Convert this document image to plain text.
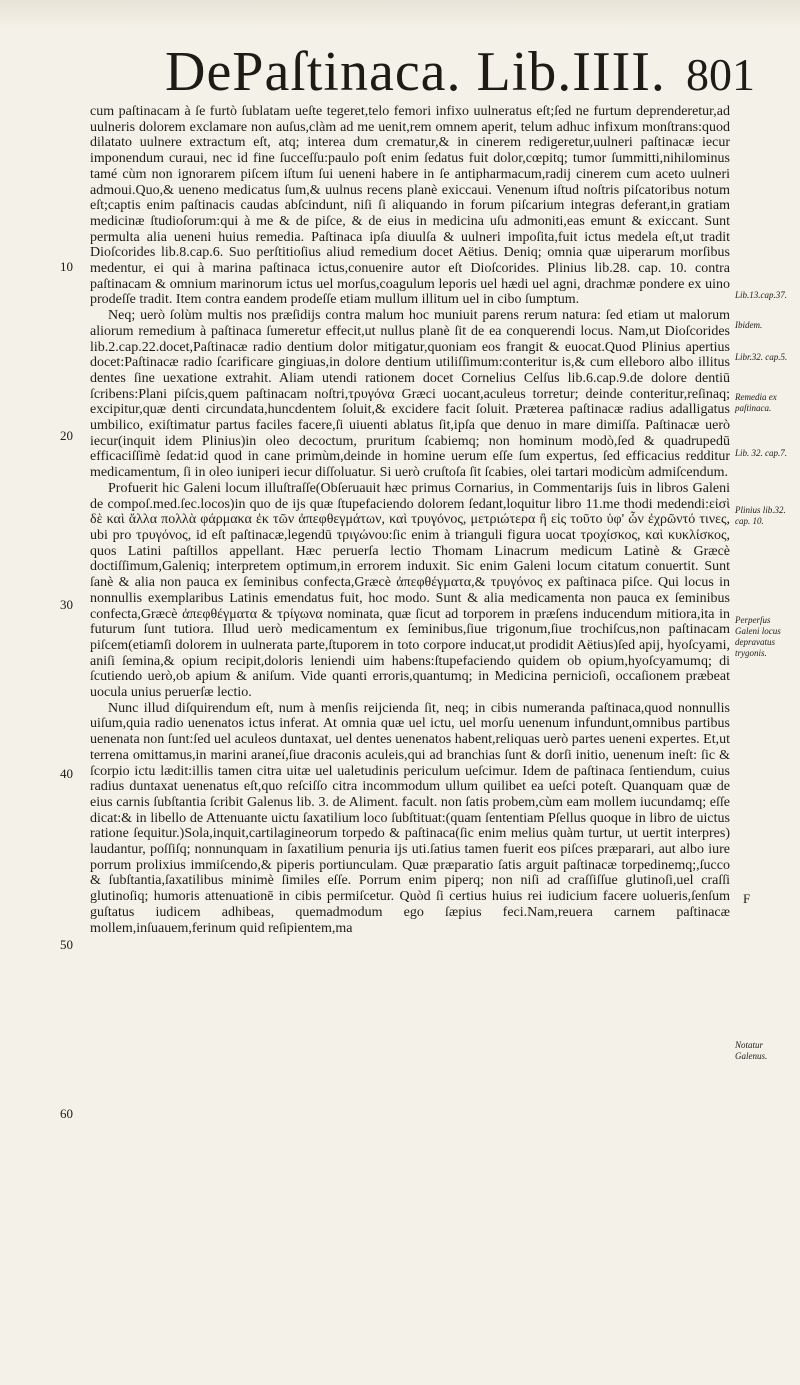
DePaſtinaca. Lib.IIII. 801

cum paſtinacam à ſe furtò ſublatam ueſte tegeret,telo femori infixo uulneratus eſt;ſed ne furtum deprenderetur,ad uulneris dolorem exclamare non auſus,clàm ad me uenit,rem omnem aperit, telum adhuc infixum monſtrans:quod dilatato uulnere extractum eſt, atq; interea dum crematur,& in cinerem redigeretur,uulneri paſtinacæ iecur imponendum curaui, nec id fine ſucceſſu:paulo poſt enim ſedatus fuit dolor,cœpitq; tumor ſummitti,nihilominus tamé cùm non ignorarem piſcem iſtum ſui ueneni habere in ſe antipharmacum,radij cinerem cum aceto uulneri admoui.Quo,& ueneno medicatus ſum,& uulnus recens planè exiccaui. Venenum iſtud noſtris piſcatoribus notum eſt;captis enim paſtinacis caudas abſcindunt, niſi ſi aliquando in forum piſcarium integras deferant,in gratiam medicinæ ſtudioſorum:qui à me & de piſce, & de eius in medicina uſu admoniti,eas emunt & exiccant. Sunt permulta alia ueneni huius remedia. Paſtinaca ipſa diuulſa & uulneri impoſita,fuit ictus medela eſt,ut tradit Dioſcorides lib.8.cap.6. Suo perſtitioſius aliud remedium docet Aëtius. Deniq; omnia quæ uiperarum morſibus medentur, ei qui à marina paſtinaca ictus,conuenire autor eſt Dioſcorides. Plinius lib.28. cap. 10. contra paſtinacam & omnium marinorum ictus uel morſus,coagulum leporis uel hædi uel agni, drachmæ pondere ex uino prodeſſe tradit. Item contra eandem prodeſſe etiam mullum illitum uel in cibo ſumptum.

Neq; uerò ſolùm multis nos præſidijs contra malum hoc muniuit parens rerum natura: ſed etiam ut malorum aliorum remedium à paſtinaca ſumeretur effecit,ut nullus planè ſit de ea conquerendi locus. Nam,ut Dioſcorides lib.2.cap.22.docet,Paſtinacæ radio dentium dolor mitigatur,quoniam eos frangit & euocat.Quod Plinius apertius docet:Paſtinacæ radio ſcarificare gingiuas,in dolore dentium utiliſſimum:conteritur is,& cum elleboro albo illitus dentes ſine uexatione extrahit. Aliam utendi rationem docet Cornelius Celſus lib.6.cap.9.de dolore dentiū ſcribens:Plani piſcis,quem paſtinacam noſtri,τρυγόνα Græci uocant,aculeus torretur; deinde conteritur,reſinaq; excipitur,quæ denti circundata,huncdentem ſoluit,& excidere facit ſoluit. Præterea paſtinacæ radius adalligatus umbilico, exiſtimatur partus faciles facere,ſi uiuenti ablatus ſit,ipſa que denuo in mare dimiſſa. Paſtinacæ uerò iecur(inquit idem Plinius)in oleo decoctum, pruritum ſcabiemq; non hominum modò,ſed & quadrupedū efficaciſſimè ſedat:id quod in cane primùm,deinde in homine uerum eſſe ſum expertus, ſed efficacius redditur medicamentum, ſi in oleo iuniperi iecur diſſoluatur. Si uerò cruſtoſa ſit ſcabies, olei tartari modicùm admiſcendum.

Profuerit hic Galeni locum illuſtraſſe(Obſeruauit hæc primus Cornarius, in Commentarijs ſuis in libros Galeni de compoſ.med.ſec.locos)in quo de ijs quæ ſtupefaciendo dolorem ſedant,loquitur libro 11.me thodi medendi:εἰσὶ δὲ καὶ ἄλλα πολλὰ φάρμακα ἐκ τῶν ἀπεφθεγμάτων, καὶ τρυγόνος, μετριώτερα ἢ εἰς τοῦτο ὑφ' ὧν ἐχρῶντό τινες, ubi pro τρυγόνος, id eſt paſtinacæ,legendū τριγώνου:ſic enim à trianguli figura uocat τροχίσκος, καὶ κυκλίσκος, quos Latini paſtillos appellant. Hæc peruerſa lectio Thomam Linacrum medicum Latinè & Græcè doctiſſimum,Galeniq; interpretem optimum,in errorem induxit. Sic enim Galeni locum citatum conuertit. Sunt ſanè & alia non pauca ex ſeminibus confecta,Græcè ἀπεφθέγματα,& τρυγόνος ex paſtinaca piſce. Qui locus in nonnullis exemplaribus Latinis emendatus fuit, hoc modo. Sunt & alia medicamenta non pauca ex ſeminibus confecta,Græcè ἀπεφθέγματα & τρίγωνα nominata, quæ ſicut ad torporem in præſens inducendum mitiora,ita in futurum ſunt tutiora. Illud uerò medicamentum ex ſeminibus,ſiue trigonum,ſiue trochiſcus,non paſtinacam piſcem(etiamſi dolorem in uulnerata parte,ſtuporem in toto corpore inducat,ut prodidit Aëtius)ſed apij, hyoſcyami, aniſi ſemina,& opium recipit,doloris leniendi uim habens:ſtupefaciendo quidem ob opium,hyoſcyamumq; di ſcutiendo uerò,ob apium & aniſum. Vide quanti erroris,quantumq; in Medicina pernicioſi, occaſionem præbeat uocula unius peruerſæ lectio.

Nunc illud diſquirendum eſt, num à menſis reijcienda ſit, neq; in cibis numeranda paſtinaca,quod nonnullis uiſum,quia radio uenenatos ictus inferat. At omnia quæ uel ictu, uel morſu uenenum infundunt,omnibus partibus uenenata non ſunt:ſed uel aculeos duntaxat, uel dentes uenenatos habent,reliquas uerò partes ueneni expertes. Et,ut terrena omittamus,in marini araneí,ſiue draconis aculeis,qui ad branchias ſunt & dorſi initio, uenenum ineſt: ſic & ſcorpio ictu lædit:illis tamen citra uitæ uel ualetudinis periculum ueſcimur. Idem de paſtinaca ſentiendum, cuius radius duntaxat uenenatus eſt,quo reſciſſo citra incommodum ullum quilibet ea ueſci poteſt. Quanquam quæ de eius carnis ſubſtantia ſcribit Galenus lib. 3. de Aliment. facult. non ſatis probem,cùm eam mollem iucundamq; eſſe dicat:& in libello de Attenuante uictu ſaxatilium loco ſubſtituat:(quam ſententiam Pſellus quoque in libro de uictus ratione ſequitur.)Sola,inquit,cartilagineorum torpedo & paſtinaca(ſic enim melius quàm turtur, ut uertit interpres) laudantur, poſſiſq; nonnunquam in ſaxatilium penuria ijs uti.ſatius tamen fuerit eos piſces præparari, aut albo iure porrum prolixius immiſcendo,& piperis portiunculam. Quæ præparatio ſatis arguit paſtinacæ torpedinemq;,ſucco & ſubſtantia,ſaxatilibus minimè ſimiles eſſe. Porrum enim piperq; non niſi ad craſſiſſue glutinoſi,uel craſſi glutinoſiq; humoris attenuationē in cibis permiſcetur. Quòd ſi certius huius rei iudicium facere uolueris,ſenſum guſtatus iudicem adhibeas, quemadmodum ego ſæpius feci.Nam,reuera carnem paſtinacæ mollem,inſuauem,ferinum quid reſipientem,ma

10
20
30
40
50
60
Lib.13.cap.37.
Ibidem.
Libr.32. cap.5.
Remedia ex paſtinaca.
Lib. 32. cap.7.
Plinius lib.32. cap. 10.
Perperſus Galeni locus depravatus trygonis.
F
Notatur Galenus.
